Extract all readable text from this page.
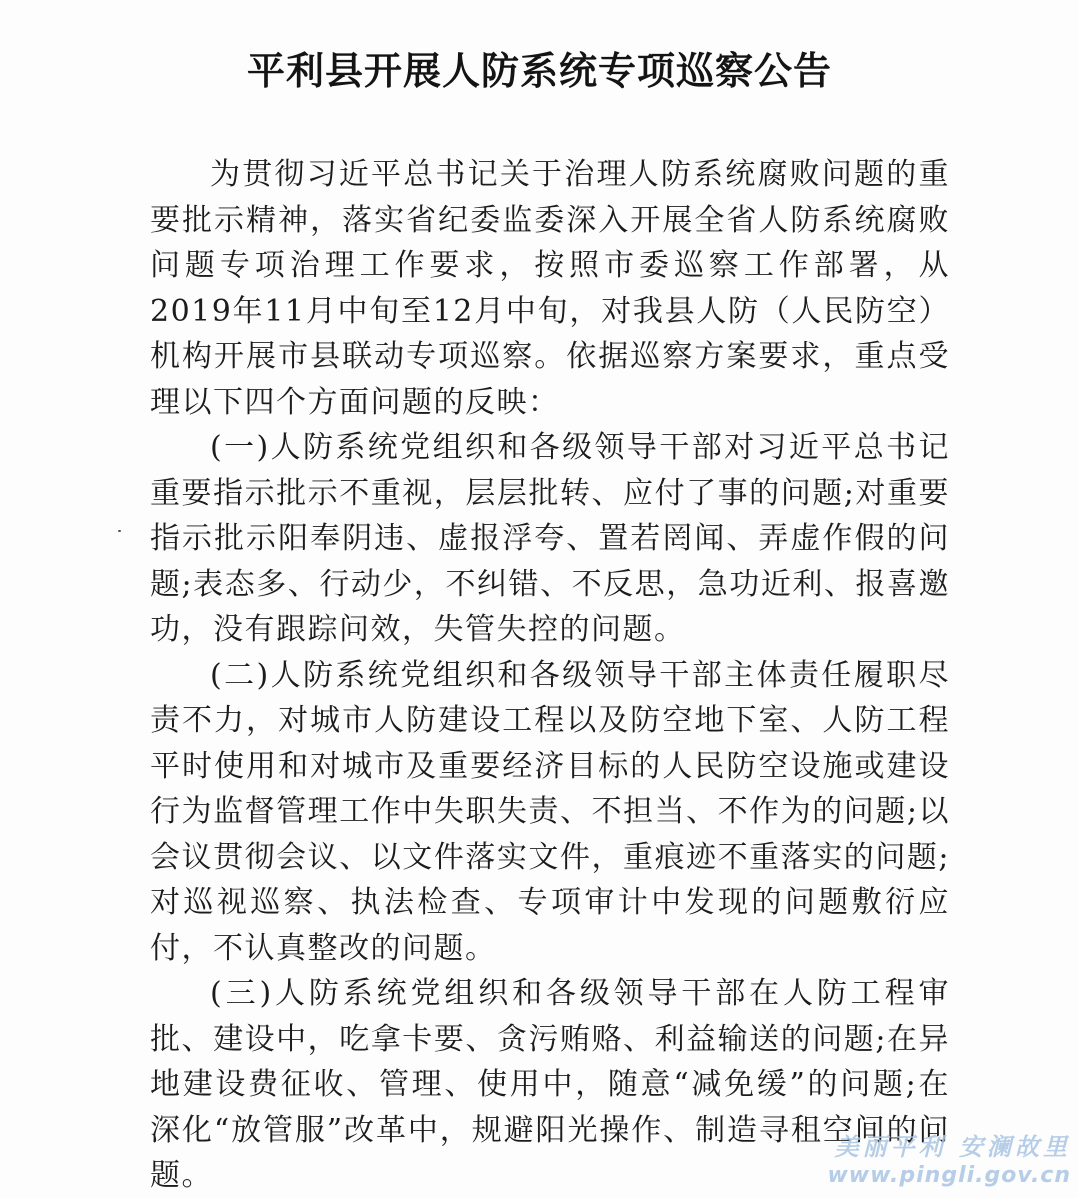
平利县开展人防系统专项巡察公告

为贯彻习近平总书记关于治理人防系统腐败问题的重要批示精神，落实省纪委监委深入开展全省人防系统腐败问题专项治理工作要求，按照市委巡察工作部署，从2019年11月中旬至12月中旬，对我县人防（人民防空）机构开展市县联动专项巡察。依据巡察方案要求，重点受理以下四个方面问题的反映：

(一)人防系统党组织和各级领导干部对习近平总书记重要指示批示不重视，层层批转、应付了事的问题;对重要指示批示阳奉阴违、虚报浮夸、置若罔闻、弄虚作假的问题;表态多、行动少，不纠错、不反思，急功近利、报喜邀功，没有跟踪问效，失管失控的问题。

(二)人防系统党组织和各级领导干部主体责任履职尽责不力，对城市人防建设工程以及防空地下室、人防工程平时使用和对城市及重要经济目标的人民防空设施或建设行为监督管理工作中失职失责、不担当、不作为的问题;以会议贯彻会议、以文件落实文件，重痕迹不重落实的问题;对巡视巡察、执法检查、专项审计中发现的问题敷衍应付，不认真整改的问题。

(三)人防系统党组织和各级领导干部在人防工程审批、建设中，吃拿卡要、贪污贿赂、利益输送的问题;在异地建设费征收、管理、使用中，随意“减免缓”的问题;在深化“放管服”改革中，规避阳光操作、制造寻租空间的问题。

美丽平利 安澜故里
www.pingli.gov.cn
